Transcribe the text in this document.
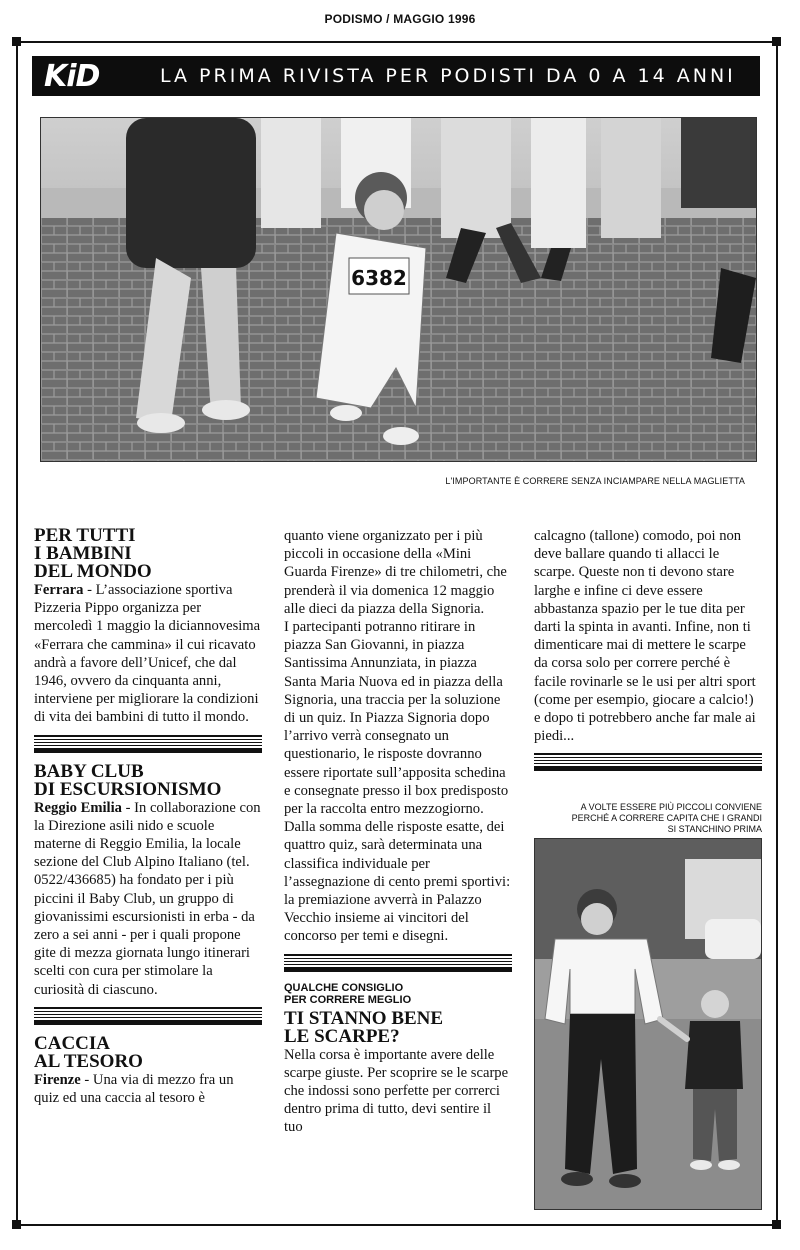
PODISMO / MAGGIO 1996
KiD	LA PRIMA RIVISTA PER PODISTI DA 0 A 14 ANNI
6382
L'IMPORTANTE È CORRERE SENZA INCIAMPARE NELLA MAGLIETTA
PER TUTTI
I BAMBINI
DEL MONDO

Ferrara - L’associazione sportiva Pizzeria Pippo organizza per mercoledì 1 maggio la diciannovesima «Ferrara che cammina» il cui ricavato andrà a favore dell’Unicef, che dal 1946, ovvero da cinquanta anni, interviene per migliorare la condizioni di vita dei bambini di tutto il mondo.

BABY CLUB
DI ESCURSIONISMO

Reggio Emilia - In collaborazione con la Direzione asili nido e scuole materne di Reggio Emilia, la locale sezione del Club Alpino Italiano (tel. 0522/436685) ha fondato per i più piccini il Baby Club, un gruppo di giovanissimi escursionisti in erba - da zero a sei anni - per i quali propone gite di mezza giornata lungo itinerari scelti con cura per stimolare la curiosità di ciascuno.

CACCIA
AL TESORO

Firenze - Una via di mezzo fra un quiz ed una caccia al tesoro è

quanto viene organizzato per i più piccoli in occasione della «Mini Guarda Firenze» di tre chilometri, che prenderà il via domenica 12 maggio alle dieci da piazza della Signoria.

I partecipanti potranno ritirare in piazza San Giovanni, in piazza Santissima Annunziata, in piazza Santa Maria Nuova ed in piazza della Signoria, una traccia per la soluzione di un quiz. In Piazza Signoria dopo l’arrivo verrà consegnato un questionario, le risposte dovranno essere riportate sull’apposita schedina e consegnate presso il box predisposto per la raccolta entro mezzogiorno.

Dalla somma delle risposte esatte, dei quattro quiz, sarà determinata una classifica individuale per l’assegnazione di cento premi sportivi: la premiazione avverrà in Palazzo Vecchio insieme ai vincitori del concorso per temi e disegni.

QUALCHE CONSIGLIO
PER CORRERE MEGLIO
TI STANNO BENE
LE SCARPE?

Nella corsa è importante avere delle scarpe giuste. Per scoprire se le scarpe che indossi sono perfette per correrci dentro prima di tutto, devi sentire il tuo

calcagno (tallone) comodo, poi non deve ballare quando ti allacci le scarpe. Queste non ti devono stare larghe e infine ci deve essere abbastanza spazio per le tue dita per darti la spinta in avanti. Infine, non ti dimenticare mai di mettere le scarpe da corsa solo per correre perché è facile rovinarle se le usi per altri sport (come per esempio, giocare a calcio!) e dopo ti potrebbero anche far male ai piedi...

A VOLTE ESSERE PIÙ PICCOLI CONVIENE
PERCHÉ A CORRERE CAPITA CHE I GRANDI
SI STANCHINO PRIMA
